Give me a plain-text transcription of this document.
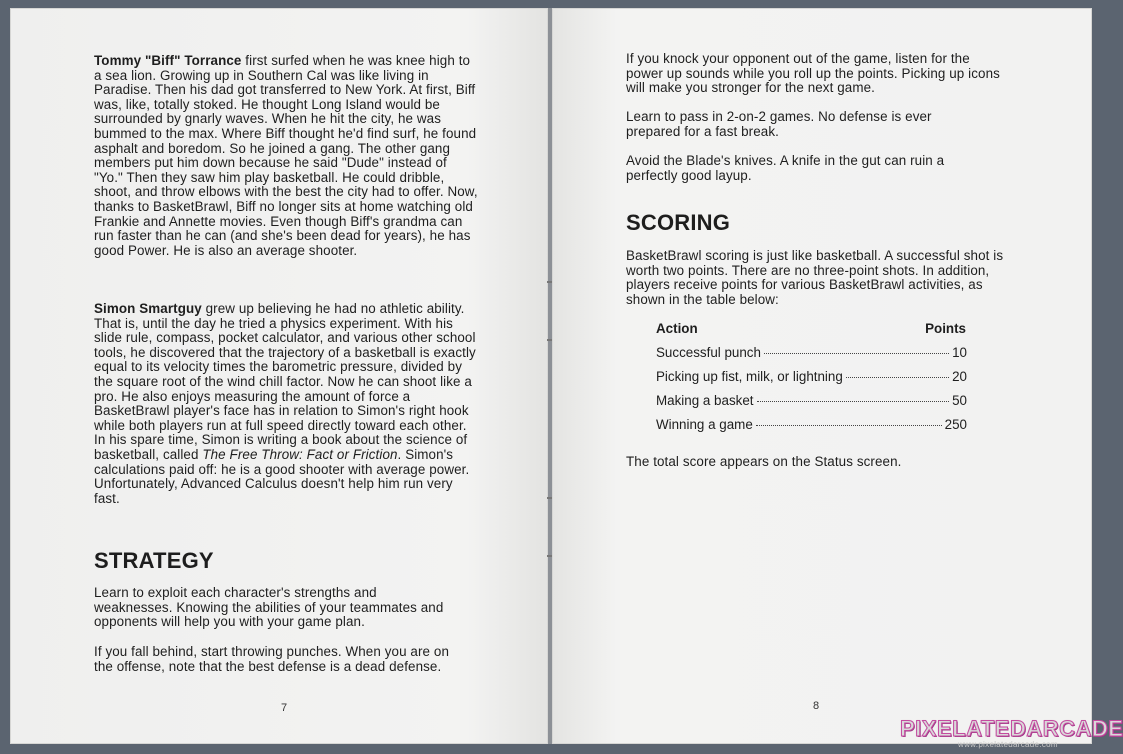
Tommy "Biff" Torrance first surfed when he was knee high to a sea lion. Growing up in Southern Cal was like living in Paradise. Then his dad got transferred to New York. At first, Biff was, like, totally stoked. He thought Long Island would be surrounded by gnarly waves. When he hit the city, he was bummed to the max. Where Biff thought he'd find surf, he found asphalt and boredom. So he joined a gang. The other gang members put him down because he said "Dude" instead of "Yo." Then they saw him play basketball. He could dribble, shoot, and throw elbows with the best the city had to offer. Now, thanks to BasketBrawl, Biff no longer sits at home watching old Frankie and Annette movies. Even though Biff's grandma can run faster than he can (and she's been dead for years), he has good Power. He is also an average shooter.

Simon Smartguy grew up believing he had no athletic ability. That is, until the day he tried a physics experiment. With his slide rule, compass, pocket calculator, and various other school tools, he discovered that the trajectory of a basketball is exactly equal to its velocity times the barometric pressure, divided by the square root of the wind chill factor. Now he can shoot like a pro. He also enjoys measuring the amount of force a BasketBrawl player's face has in relation to Simon's right hook while both players run at full speed directly toward each other. In his spare time, Simon is writing a book about the science of basketball, called The Free Throw: Fact or Friction. Simon's calculations paid off: he is a good shooter with average power. Unfortunately, Advanced Calculus doesn't help him run very fast.

STRATEGY

Learn to exploit each character's strengths and weaknesses. Knowing the abilities of your teammates and opponents will help you with your game plan.

If you fall behind, start throwing punches. When you are on the offense, note that the best defense is a dead defense.

7

If you knock your opponent out of the game, listen for the power up sounds while you roll up the points. Picking up icons will make you stronger for the next game.

Learn to pass in 2-on-2 games. No defense is ever prepared for a fast break.

Avoid the Blade's knives. A knife in the gut can ruin a perfectly good layup.

SCORING

BasketBrawl scoring is just like basketball. A successful shot is worth two points. There are no three-point shots. In addition, players receive points for various BasketBrawl activities, as shown in the table below:

Action	Points
Successful punch	10
Picking up fist, milk, or lightning	20
Making a basket	50
Winning a game	250

The total score appears on the Status screen.

8
PIXELATEDARCADE
www.pixelatedarcade.com
